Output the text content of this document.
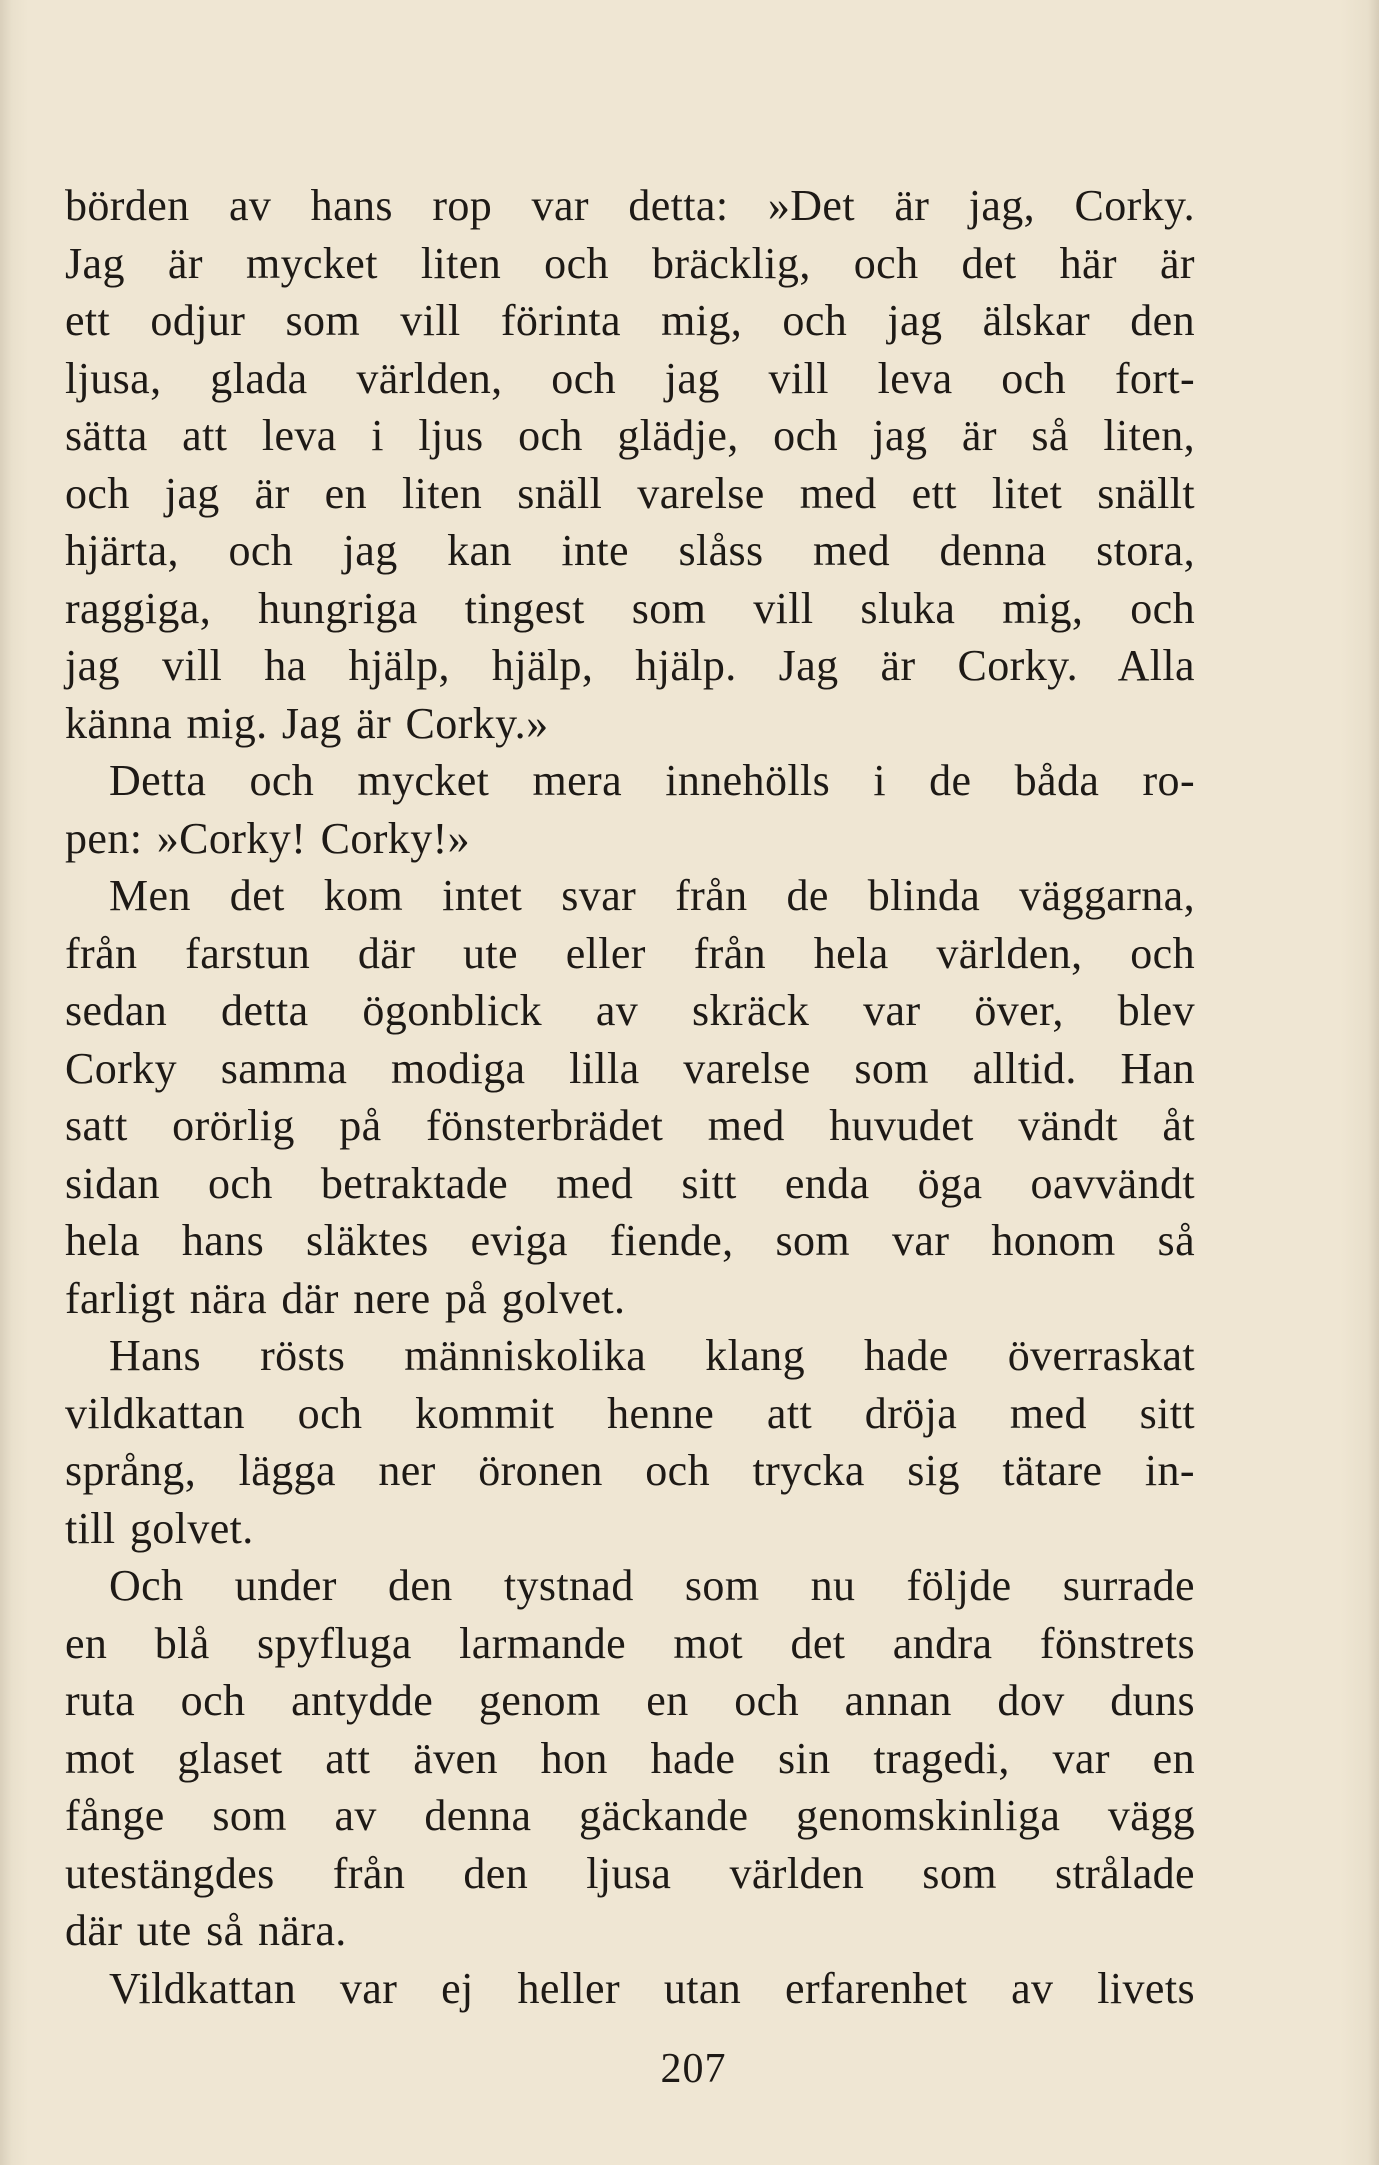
börden av hans rop var detta: »Det är jag, Corky.
Jag är mycket liten och bräcklig, och det här är
ett odjur som vill förinta mig, och jag älskar den
ljusa, glada världen, och jag vill leva och fort-
sätta att leva i ljus och glädje, och jag är så liten,
och jag är en liten snäll varelse med ett litet snällt
hjärta, och jag kan inte slåss med denna stora,
raggiga, hungriga tingest som vill sluka mig, och
jag vill ha hjälp, hjälp, hjälp. Jag är Corky. Alla
känna mig. Jag är Corky.»
Detta och mycket mera innehölls i de båda ro-
pen: »Corky! Corky!»
Men det kom intet svar från de blinda väggarna,
från farstun där ute eller från hela världen, och
sedan detta ögonblick av skräck var över, blev
Corky samma modiga lilla varelse som alltid. Han
satt orörlig på fönsterbrädet med huvudet vändt åt
sidan och betraktade med sitt enda öga oavvändt
hela hans släktes eviga fiende, som var honom så
farligt nära där nere på golvet.
Hans rösts människolika klang hade överraskat
vildkattan och kommit henne att dröja med sitt
språng, lägga ner öronen och trycka sig tätare in-
till golvet.
Och under den tystnad som nu följde surrade
en blå spyfluga larmande mot det andra fönstrets
ruta och antydde genom en och annan dov duns
mot glaset att även hon hade sin tragedi, var en
fånge som av denna gäckande genomskinliga vägg
utestängdes från den ljusa världen som strålade
där ute så nära.
Vildkattan var ej heller utan erfarenhet av livets
207
